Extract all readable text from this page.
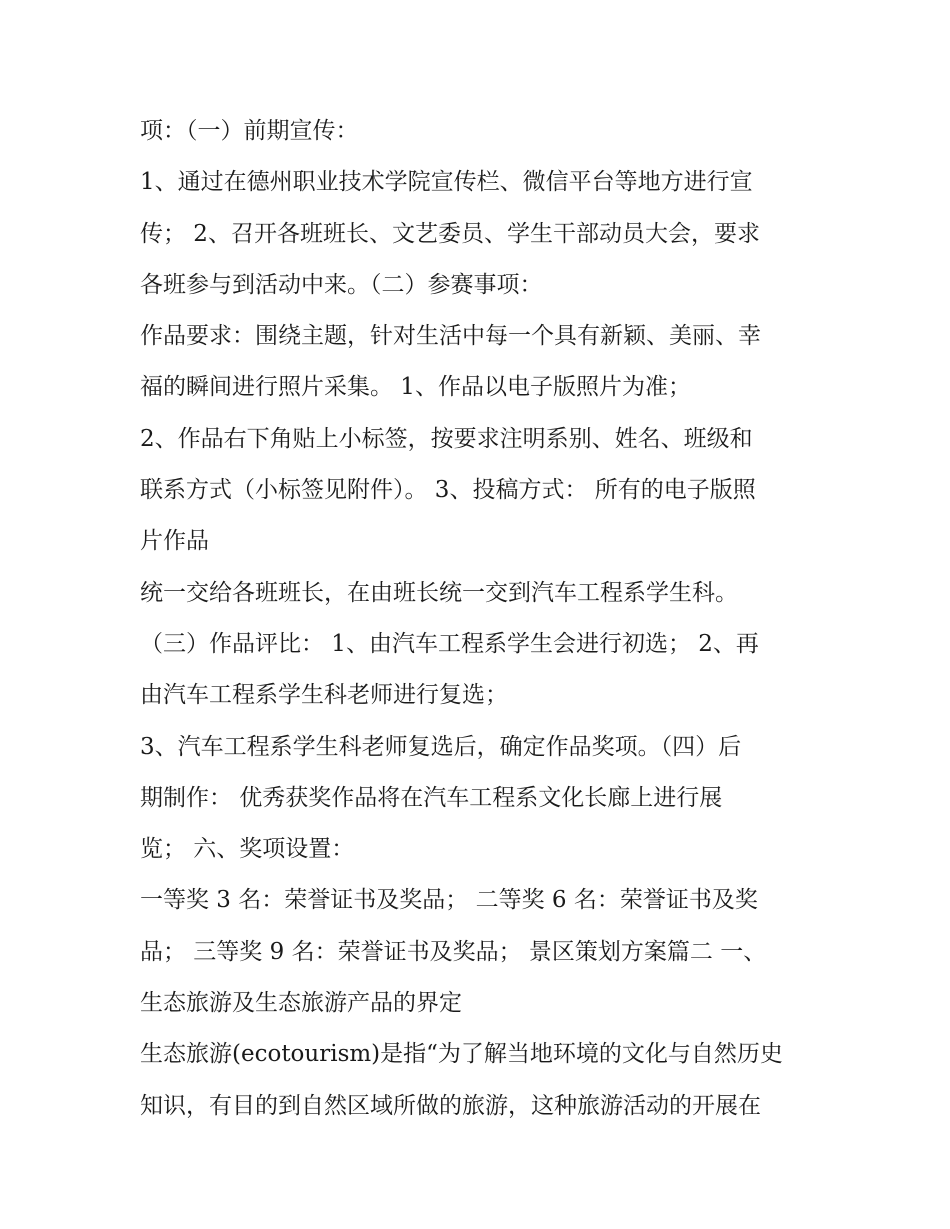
项：（一）前期宣传：
1、通过在德州职业技术学院宣传栏、微信平台等地方进行宣
传； 2、召开各班班长、文艺委员、学生干部动员大会，要求
各班参与到活动中来。（二）参赛事项：
作品要求：围绕主题，针对生活中每一个具有新颖、美丽、幸
福的瞬间进行照片采集。 1、作品以电子版照片为准；
2、作品右下角贴上小标签，按要求注明系别、姓名、班级和
联系方式（小标签见附件）。 3、投稿方式： 所有的电子版照
片作品
统一交给各班班长，在由班长统一交到汽车工程系学生科。
（三）作品评比： 1、由汽车工程系学生会进行初选； 2、再
由汽车工程系学生科老师进行复选；
3、汽车工程系学生科老师复选后，确定作品奖项。（四）后
期制作： 优秀获奖作品将在汽车工程系文化长廊上进行展
览； 六、奖项设置：
一等奖 3 名：荣誉证书及奖品； 二等奖 6 名：荣誉证书及奖
品； 三等奖 9 名：荣誉证书及奖品； 景区策划方案篇二 一、
生态旅游及生态旅游产品的界定
生态旅游(ecotourism)是指“为了解当地环境的文化与自然历史
知识，有目的到自然区域所做的旅游，这种旅游活动的开展在
